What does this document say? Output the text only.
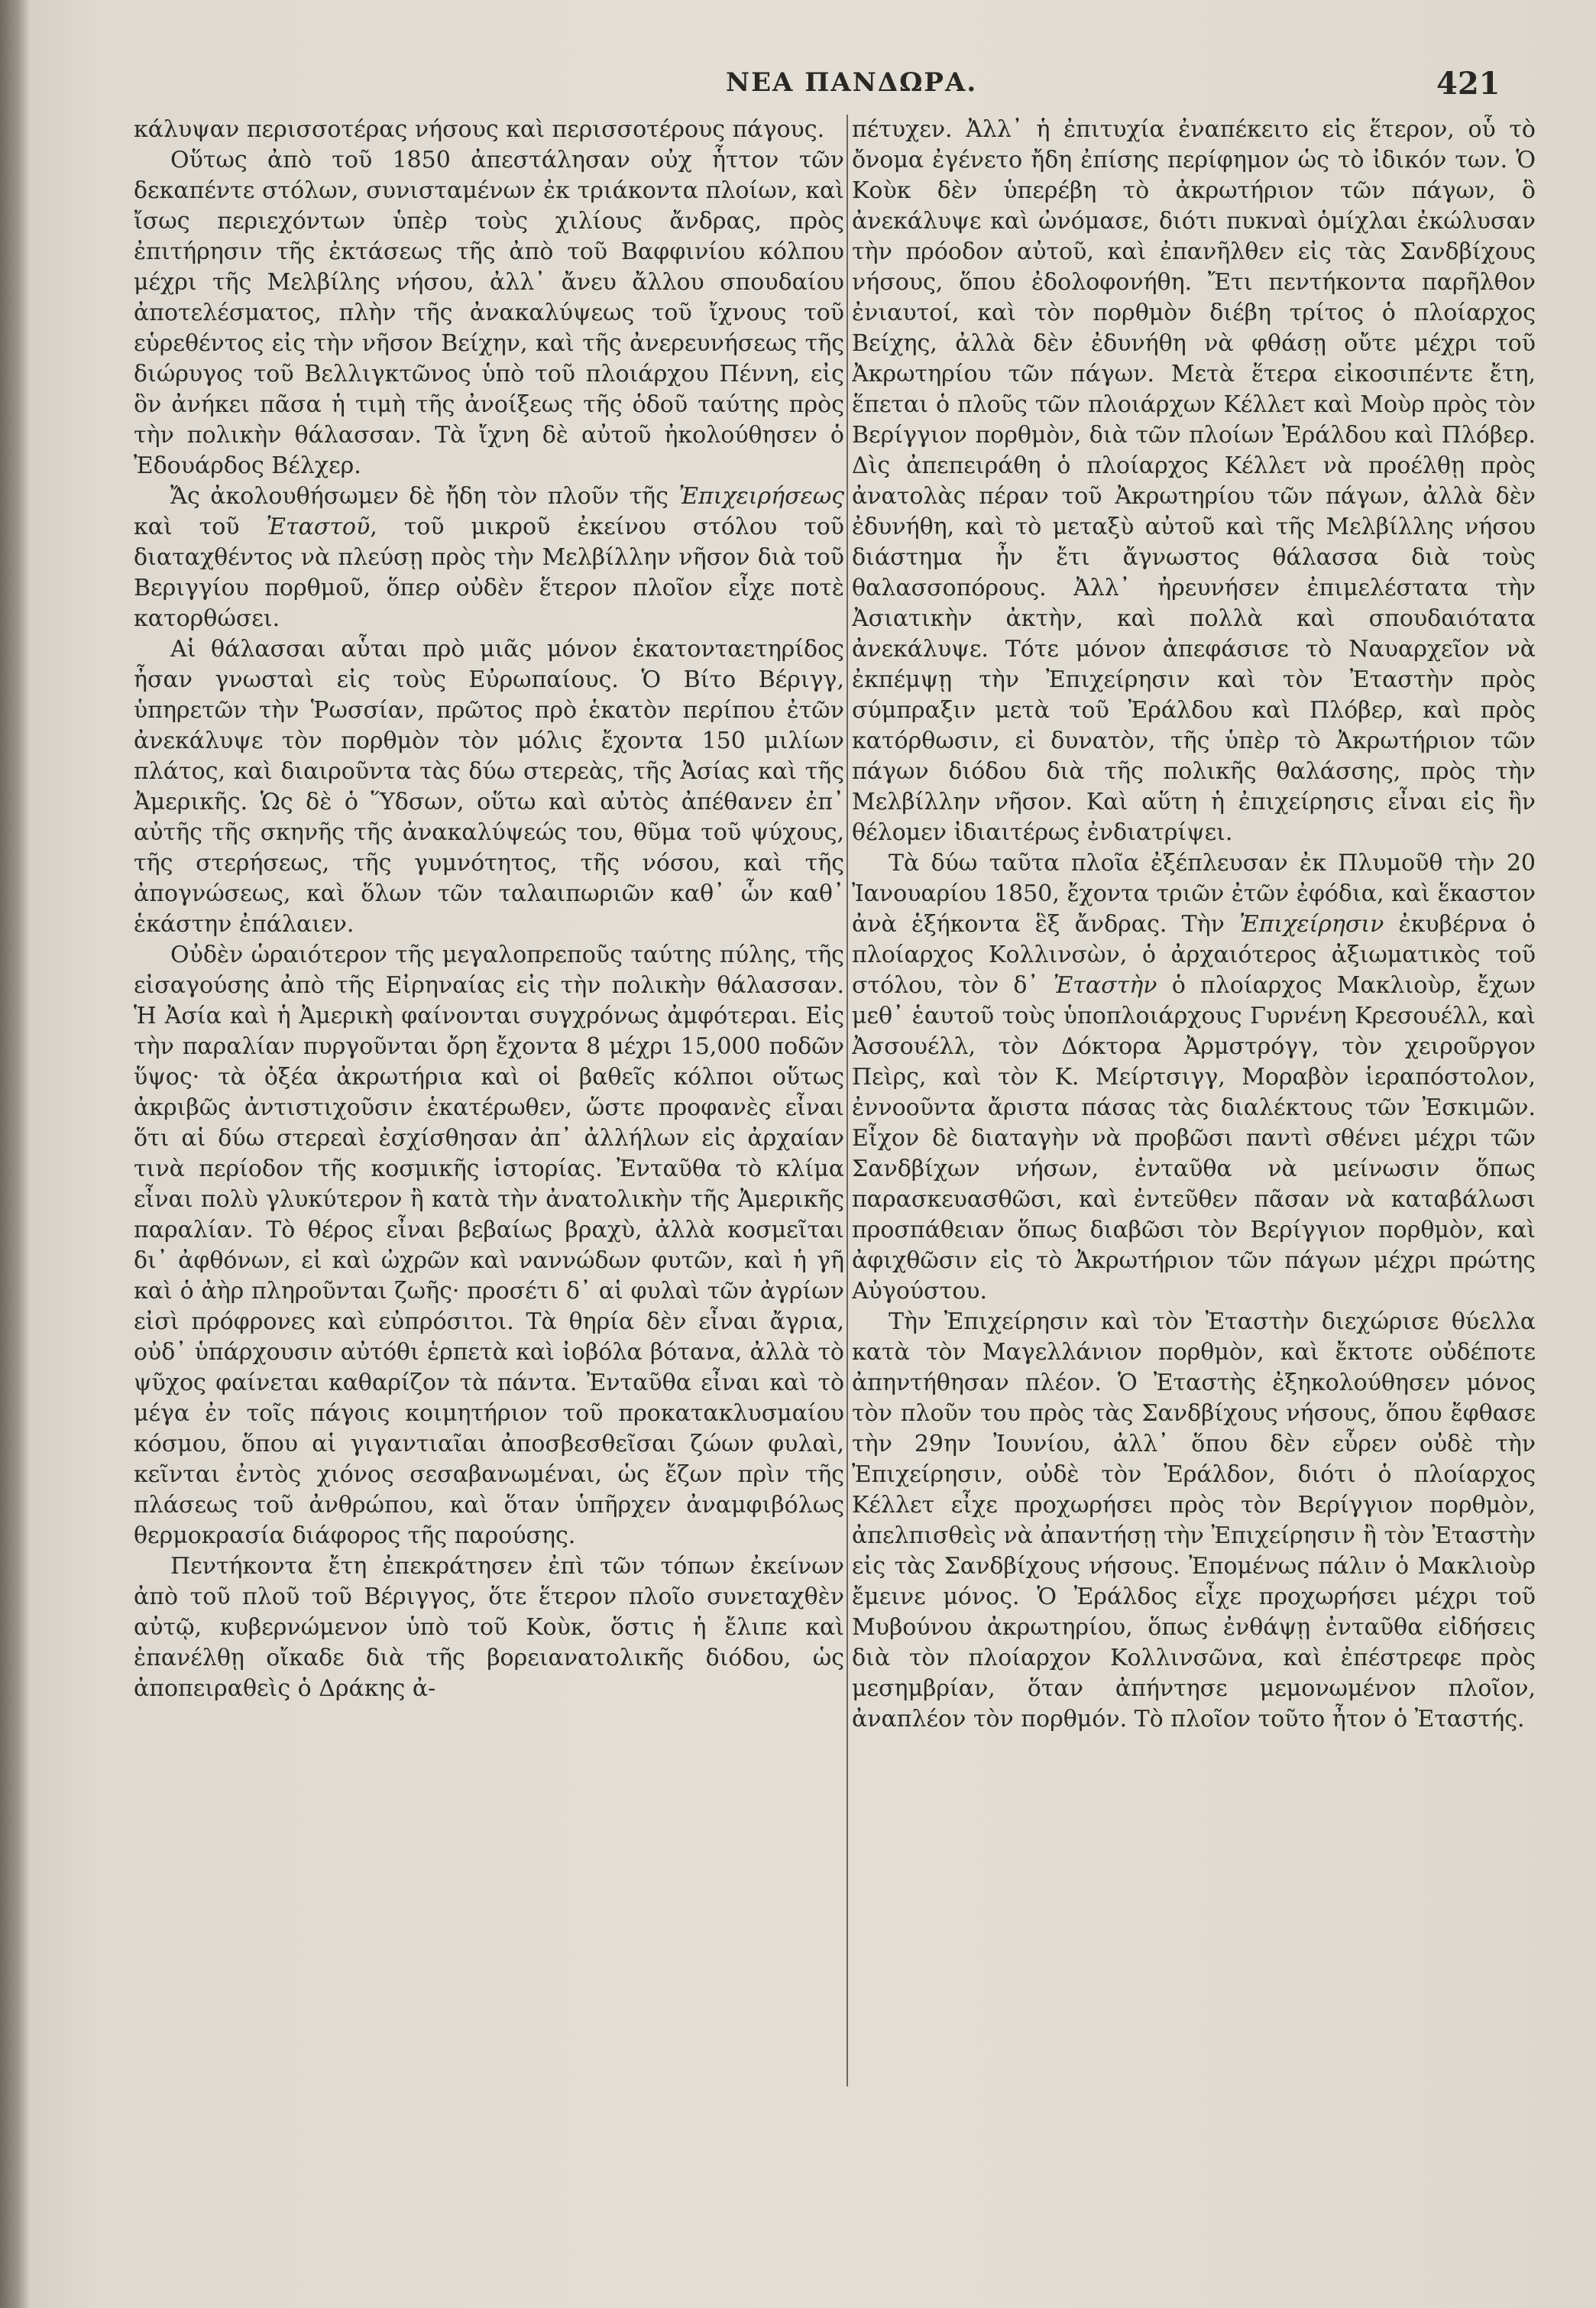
ΝΕΑ ΠΑΝΔΩΡΑ.	421

κάλυψαν περισσοτέρας νήσους καὶ περισσοτέρους πάγους.

Οὕτως ἀπὸ τοῦ 1850 ἀπεστάλησαν οὐχ ἧττον τῶν δεκαπέντε στόλων, συνισταμένων ἐκ τριάκοντα πλοίων, καὶ ἴσως περιεχόντων ὑπὲρ τοὺς χιλίους ἄνδρας, πρὸς ἐπιτήρησιν τῆς ἐκτάσεως τῆς ἀπὸ τοῦ Βαφφινίου κόλπου μέχρι τῆς Μελβίλης νήσου, ἀλλ᾽ ἄνευ ἄλλου σπουδαίου ἀποτελέσματος, πλὴν τῆς ἀνακαλύψεως τοῦ ἴχνους τοῦ εὑρεθέντος εἰς τὴν νῆσον Βείχην, καὶ τῆς ἀνερευνήσεως τῆς διώρυγος τοῦ Βελλιγκτῶνος ὑπὸ τοῦ πλοιάρχου Πέννη, εἰς ὃν ἀνήκει πᾶσα ἡ τιμὴ τῆς ἀνοίξεως τῆς ὁδοῦ ταύτης πρὸς τὴν πολικὴν θάλασσαν. Τὰ ἴχνη δὲ αὐτοῦ ἠκολούθησεν ὁ Ἐδουάρδος Βέλχερ.

Ἄς ἀκολουθήσωμεν δὲ ἤδη τὸν πλοῦν τῆς Ἐπιχειρήσεως καὶ τοῦ Ἐταστοῦ, τοῦ μικροῦ ἐκείνου στόλου τοῦ διαταχθέντος νὰ πλεύσῃ πρὸς τὴν Μελβίλλην νῆσον διὰ τοῦ Βεριγγίου πορθμοῦ, ὅπερ οὐδὲν ἕτερον πλοῖον εἶχε ποτὲ κατορθώσει.

Αἱ θάλασσαι αὗται πρὸ μιᾶς μόνον ἑκατονταετηρίδος ἦσαν γνωσταὶ εἰς τοὺς Εὐρωπαίους. Ὁ Βίτο Βέριγγ, ὑπηρετῶν τὴν Ῥωσσίαν, πρῶτος πρὸ ἑκατὸν περίπου ἐτῶν ἀνεκάλυψε τὸν πορθμὸν τὸν μόλις ἔχοντα 150 μιλίων πλάτος, καὶ διαιροῦντα τὰς δύω στερεὰς, τῆς Ἀσίας καὶ τῆς Ἀμερικῆς. Ὡς δὲ ὁ Ὕδσων, οὕτω καὶ αὐτὸς ἀπέθανεν ἐπ᾽ αὐτῆς τῆς σκηνῆς τῆς ἀνακαλύψεώς του, θῦμα τοῦ ψύχους, τῆς στερήσεως, τῆς γυμνότητος, τῆς νόσου, καὶ τῆς ἀπογνώσεως, καὶ ὅλων τῶν ταλαιπωριῶν καθ᾽ ὧν καθ᾽ ἑκάστην ἐπάλαιεν.

Οὐδὲν ὡραιότερον τῆς μεγαλοπρεποῦς ταύτης πύλης, τῆς εἰσαγούσης ἀπὸ τῆς Εἰρηναίας εἰς τὴν πολικὴν θάλασσαν. Ἡ Ἀσία καὶ ἡ Ἀμερικὴ φαίνονται συγχρόνως ἀμφότεραι. Εἰς τὴν παραλίαν πυργοῦνται ὄρη ἔχοντα 8 μέχρι 15,000 ποδῶν ὕψος· τὰ ὀξέα ἀκρωτήρια καὶ οἱ βαθεῖς κόλποι οὕτως ἀκριβῶς ἀντιστιχοῦσιν ἑκατέρωθεν, ὥστε προφανὲς εἶναι ὅτι αἱ δύω στερεαὶ ἐσχίσθησαν ἀπ᾽ ἀλλήλων εἰς ἀρχαίαν τινὰ περίοδον τῆς κοσμικῆς ἱστορίας. Ἐνταῦθα τὸ κλίμα εἶναι πολὺ γλυκύτερον ἢ κατὰ τὴν ἀνατολικὴν τῆς Ἀμερικῆς παραλίαν. Τὸ θέρος εἶναι βεβαίως βραχὺ, ἀλλὰ κοσμεῖται δι᾽ ἀφθόνων, εἰ καὶ ὠχρῶν καὶ ναννώδων φυτῶν, καὶ ἡ γῆ καὶ ὁ ἀὴρ πληροῦνται ζωῆς· προσέτι δ᾽ αἱ φυλαὶ τῶν ἀγρίων εἰσὶ πρόφρονες καὶ εὐπρόσιτοι. Τὰ θηρία δὲν εἶναι ἄγρια, οὐδ᾽ ὑπάρχουσιν αὐτόθι ἑρπετὰ καὶ ἰοβόλα βότανα, ἀλλὰ τὸ ψῦχος φαίνεται καθαρίζον τὰ πάντα. Ἐνταῦθα εἶναι καὶ τὸ μέγα ἐν τοῖς πάγοις κοιμητήριον τοῦ προκατακλυσμαίου κόσμου, ὅπου αἱ γιγαντιαῖαι ἀποσβεσθεῖσαι ζώων φυλαὶ, κεῖνται ἐντὸς χιόνος σεσαβανωμέναι, ὡς ἔζων πρὶν τῆς πλάσεως τοῦ ἀνθρώπου, καὶ ὅταν ὑπῆρχεν ἀναμφιβόλως θερμοκρασία διάφορος τῆς παρούσης.

Πεντήκοντα ἔτη ἐπεκράτησεν ἐπὶ τῶν τόπων ἐκείνων ἀπὸ τοῦ πλοῦ τοῦ Βέριγγος, ὅτε ἕτερον πλοῖο συνεταχθὲν αὐτῷ, κυβερνώμενον ὑπὸ τοῦ Κοὺκ, ὅστις ἡ ἔλιπε καὶ ἐπανέλθῃ οἴκαδε διὰ τῆς βορειανατολικῆς διόδου, ὡς ἀποπειραθεὶς ὁ Δράκης ἀ-

πέτυχεν. Ἀλλ᾽ ἡ ἐπιτυχία ἐναπέκειτο εἰς ἕτερον, οὗ τὸ ὄνομα ἐγένετο ἤδη ἐπίσης περίφημον ὡς τὸ ἰδικόν των. Ὁ Κοὺκ δὲν ὑπερέβη τὸ ἀκρωτήριον τῶν πάγων, ὃ ἀνεκάλυψε καὶ ὠνόμασε, διότι πυκναὶ ὁμίχλαι ἐκώλυσαν τὴν πρόοδον αὐτοῦ, καὶ ἐπανῆλθεν εἰς τὰς Σανδβίχους νήσους, ὅπου ἐδολοφονήθη. Ἔτι πεντήκοντα παρῆλθον ἐνιαυτοί, καὶ τὸν πορθμὸν διέβη τρίτος ὁ πλοίαρχος Βείχης, ἀλλὰ δὲν ἐδυνήθη νὰ φθάσῃ οὔτε μέχρι τοῦ Ἀκρωτηρίου τῶν πάγων. Μετὰ ἕτερα εἰκοσιπέντε ἔτη, ἕπεται ὁ πλοῦς τῶν πλοιάρχων Κέλλετ καὶ Μοὺρ πρὸς τὸν Βερίγγιον πορθμὸν, διὰ τῶν πλοίων Ἐράλδου καὶ Πλόβερ. Δὶς ἀπεπειράθη ὁ πλοίαρχος Κέλλετ νὰ προέλθῃ πρὸς ἀνατολὰς πέραν τοῦ Ἀκρωτηρίου τῶν πάγων, ἀλλὰ δὲν ἐδυνήθη, καὶ τὸ μεταξὺ αὐτοῦ καὶ τῆς Μελβίλλης νήσου διάστημα ἦν ἔτι ἄγνωστος θάλασσα διὰ τοὺς θαλασσοπόρους. Ἀλλ᾽ ἠρευνήσεν ἐπιμελέστατα τὴν Ἀσιατικὴν ἀκτὴν, καὶ πολλὰ καὶ σπουδαιότατα ἀνεκάλυψε. Τότε μόνον ἀπεφάσισε τὸ Ναυαρχεῖον νὰ ἐκπέμψῃ τὴν Ἐπιχείρησιν καὶ τὸν Ἐταστὴν πρὸς σύμπραξιν μετὰ τοῦ Ἐράλδου καὶ Πλόβερ, καὶ πρὸς κατόρθωσιν, εἰ δυνατὸν, τῆς ὑπὲρ τὸ Ἀκρωτήριον τῶν πάγων διόδου διὰ τῆς πολικῆς θαλάσσης, πρὸς τὴν Μελβίλλην νῆσον. Καὶ αὕτη ἡ ἐπιχείρησις εἶναι εἰς ἣν θέλομεν ἰδιαιτέρως ἐνδιατρίψει.

Τὰ δύω ταῦτα πλοῖα ἐξέπλευσαν ἐκ Πλυμοῦθ τὴν 20 Ἰανουαρίου 1850, ἔχοντα τριῶν ἐτῶν ἐφόδια, καὶ ἕκαστον ἀνὰ ἑξήκοντα ἓξ ἄνδρας. Τὴν Ἐπιχείρησιν ἐκυβέρνα ὁ πλοίαρχος Κολλινσὼν, ὁ ἀρχαιότερος ἀξιωματικὸς τοῦ στόλου, τὸν δ᾽ Ἐταστὴν ὁ πλοίαρχος Μακλιοὺρ, ἔχων μεθ᾽ ἑαυτοῦ τοὺς ὑποπλοιάρχους Γυρνένη Κρεσουέλλ, καὶ Ἀσσουέλλ, τὸν Δόκτορα Ἀρμστρόγγ, τὸν χειροῦργον Πεὶρς, καὶ τὸν Κ. Μείρτσιγγ, Μοραβὸν ἱεραπόστολον, ἐννοοῦντα ἄριστα πάσας τὰς διαλέκτους τῶν Ἐσκιμῶν. Εἶχον δὲ διαταγὴν νὰ προβῶσι παντὶ σθένει μέχρι τῶν Σανδβίχων νήσων, ἐνταῦθα νὰ μείνωσιν ὅπως παρασκευασθῶσι, καὶ ἐντεῦθεν πᾶσαν νὰ καταβάλωσι προσπάθειαν ὅπως διαβῶσι τὸν Βερίγγιον πορθμὸν, καὶ ἀφιχθῶσιν εἰς τὸ Ἀκρωτήριον τῶν πάγων μέχρι πρώτης Αὐγούστου.

Τὴν Ἐπιχείρησιν καὶ τὸν Ἐταστὴν διεχώρισε θύελλα κατὰ τὸν Μαγελλάνιον πορθμὸν, καὶ ἔκτοτε οὐδέποτε ἀπηντήθησαν πλέον. Ὁ Ἐταστὴς ἐξηκολούθησεν μόνος τὸν πλοῦν του πρὸς τὰς Σανδβίχους νήσους, ὅπου ἔφθασε τὴν 29ην Ἰουνίου, ἀλλ᾽ ὅπου δὲν εὗρεν οὐδὲ τὴν Ἐπιχείρησιν, οὐδὲ τὸν Ἐράλδον, διότι ὁ πλοίαρχος Κέλλετ εἶχε προχωρήσει πρὸς τὸν Βερίγγιον πορθμὸν, ἀπελπισθεὶς νὰ ἀπαντήσῃ τὴν Ἐπιχείρησιν ἢ τὸν Ἐταστὴν εἰς τὰς Σανδβίχους νήσους. Ἐπομένως πάλιν ὁ Μακλιοὺρ ἔμεινε μόνος. Ὁ Ἐράλδος εἶχε προχωρήσει μέχρι τοῦ Μυβούνου ἀκρωτηρίου, ὅπως ἐνθάψῃ ἐνταῦθα εἰδήσεις διὰ τὸν πλοίαρχον Κολλινσῶνα, καὶ ἐπέστρεφε πρὸς μεσημβρίαν, ὅταν ἀπήντησε μεμονωμένον πλοῖον, ἀναπλέον τὸν πορθμόν. Τὸ πλοῖον τοῦτο ἦτον ὁ Ἐταστής.
